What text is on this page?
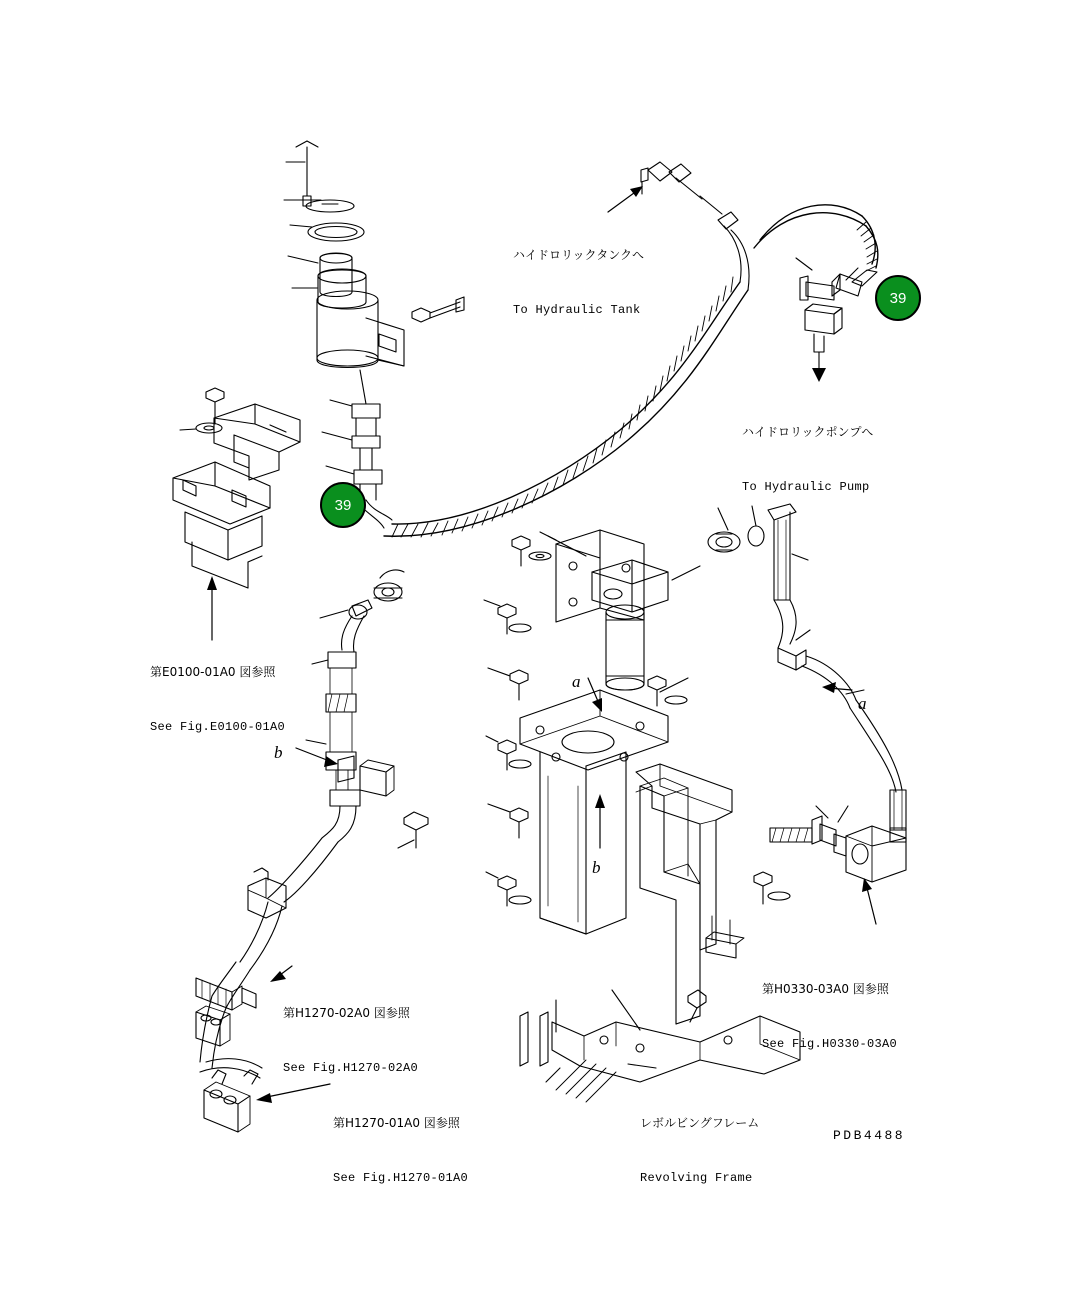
39
39
a
a
b
b

ハイドロリックタンクへ

To Hydraulic Tank

ハイドロリックポンプへ

To Hydraulic Pump

第E0100-01A0 図参照

See Fig.E0100-01A0

第H1270-02A0 図参照

See Fig.H1270-02A0

第H0330-03A0 図参照

See Fig.H0330-03A0

第H1270-01A0 図参照

See Fig.H1270-01A0

レボルビングフレーム

Revolving Frame

PDB4488
